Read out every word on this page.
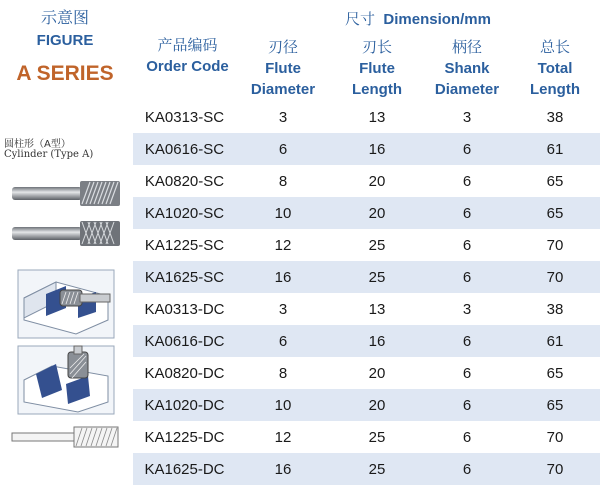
示意图
FIGURE
A SERIES
圆柱形（A型）
Cylinder (Type A)
尺寸 Dimension/mm
产品编码
Order Code
刃径
Flute
Diameter
刃长
Flute
Length
柄径
Shank
Diameter
总长
Total
Length
KA0313-SC	3	13	3	38
KA0616-SC	6	16	6	61
KA0820-SC	8	20	6	65
KA1020-SC	10	20	6	65
KA1225-SC	12	25	6	70
KA1625-SC	16	25	6	70
KA0313-DC	3	13	3	38
KA0616-DC	6	16	6	61
KA0820-DC	8	20	6	65
KA1020-DC	10	20	6	65
KA1225-DC	12	25	6	70
KA1625-DC	16	25	6	70
